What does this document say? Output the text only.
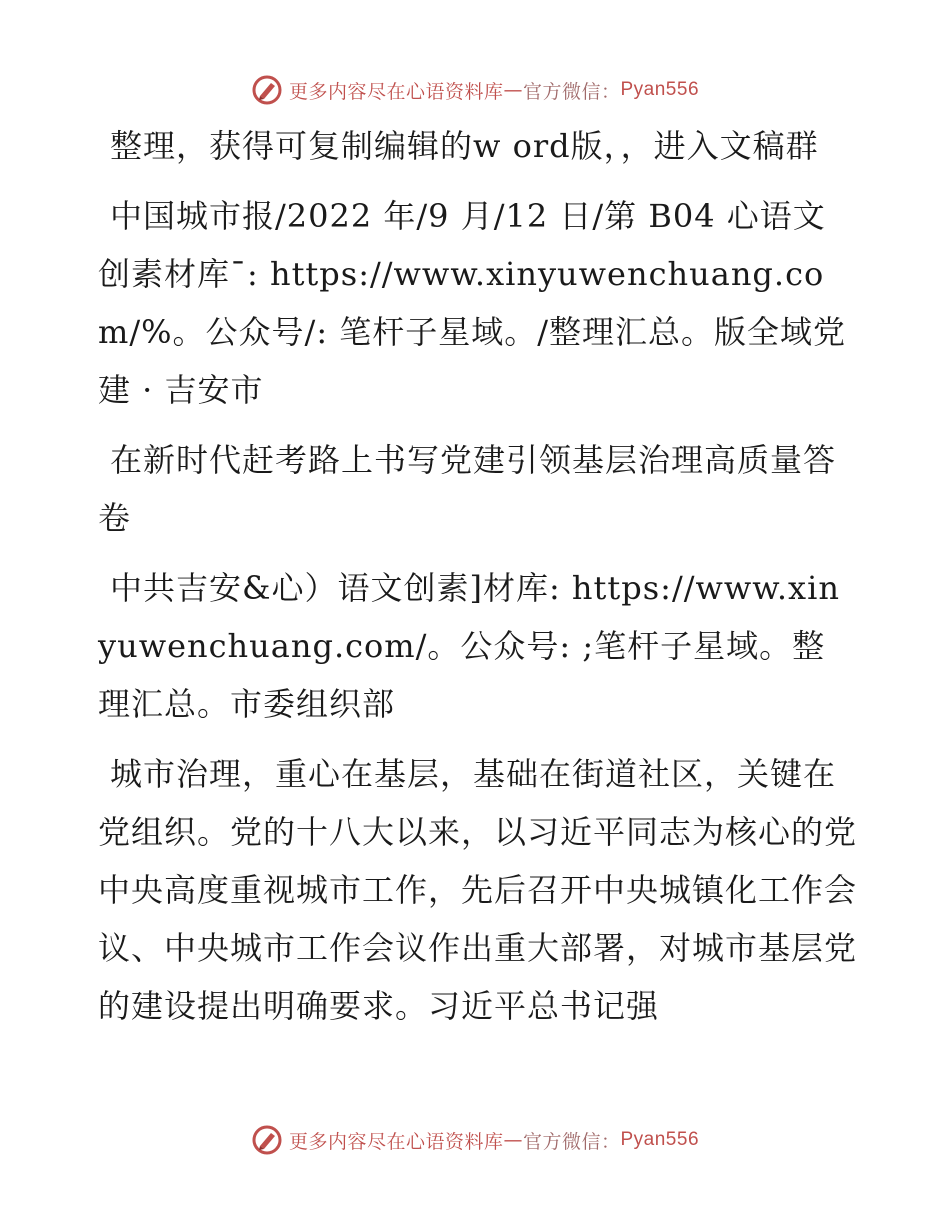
更多内容尽在心语资料库 — 官方微信： Pyan556

整理，获得可复制编辑的w ord版，，进入文稿群

中国城市报/2022 年/9 月/12 日/第 B04 心语文创素材库¯: https://www.xinyuwenchuang.com/%。公众号/: 笔杆子星域。/整理汇总。版全域党建 · 吉安市

在新时代赶考路上书写党建引领基层治理高质量答卷

中共吉安&心）语文创素]材库: https://www.xinyuwenchuang.com/。公众号: ;笔杆子星域。整理汇总。市委组织部

城市治理，重心在基层，基础在街道社区，关键在党组织。党的十八大以来，以习近平同志为核心的党中央高度重视城市工作，先后召开中央城镇化工作会议、中央城市工作会议作出重大部署，对城市基层党的建设提出明确要求。习近平总书记强

更多内容尽在心语资料库 — 官方微信： Pyan556
